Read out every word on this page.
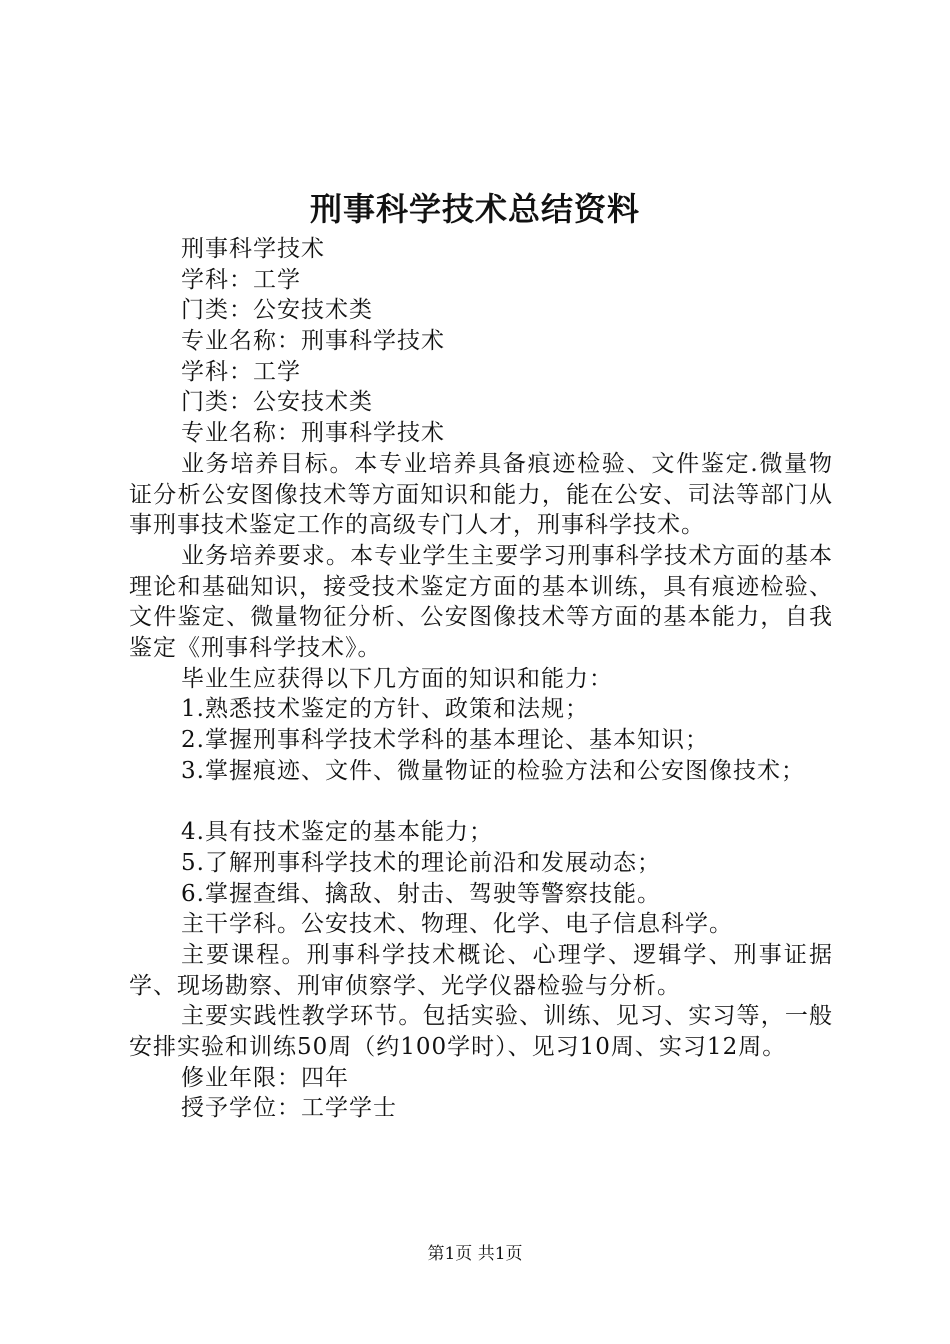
刑事科学技术总结资料
刑事科学技术
学科：工学
门类：公安技术类
专业名称：刑事科学技术
学科：工学
门类：公安技术类
专业名称：刑事科学技术
业务培养目标。本专业培养具备痕迹检验、文件鉴定.微量物证分析公安图像技术等方面知识和能力，能在公安、司法等部门从事刑事技术鉴定工作的高级专门人才，刑事科学技术。
业务培养要求。本专业学生主要学习刑事科学技术方面的基本理论和基础知识，接受技术鉴定方面的基本训练，具有痕迹检验、文件鉴定、微量物征分析、公安图像技术等方面的基本能力，自我鉴定《刑事科学技术》。
毕业生应获得以下几方面的知识和能力：
1.熟悉技术鉴定的方针、政策和法规；
2.掌握刑事科学技术学科的基本理论、基本知识；
3.掌握痕迹、文件、微量物证的检验方法和公安图像技术；
4.具有技术鉴定的基本能力；
5.了解刑事科学技术的理论前沿和发展动态；
6.掌握查缉、擒敌、射击、驾驶等警察技能。
主干学科。公安技术、物理、化学、电子信息科学。
主要课程。刑事科学技术概论、心理学、逻辑学、刑事证据学、现场勘察、刑审侦察学、光学仪器检验与分析。
主要实践性教学环节。包括实验、训练、见习、实习等，一般安排实验和训练50周（约100学时）、见习10周、实习12周。
修业年限：四年
授予学位：工学学士
第1页 共1页
